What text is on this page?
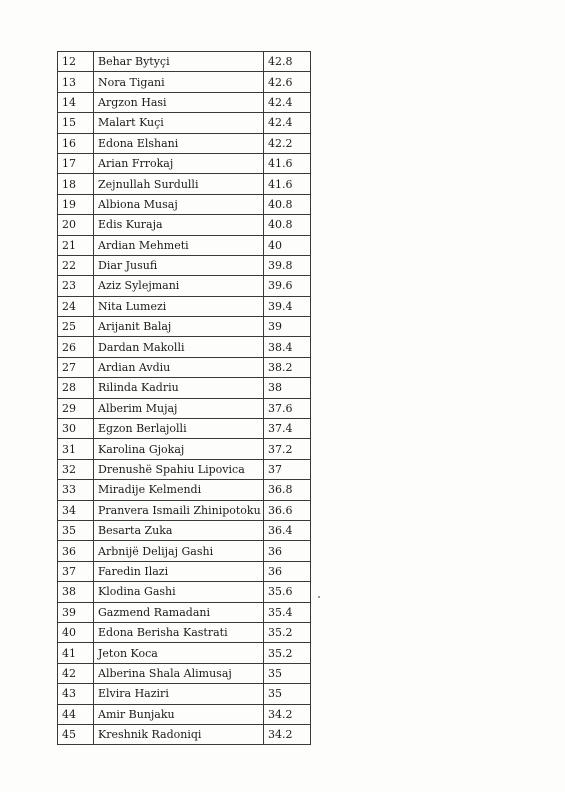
12	Behar Bytyçi	42.8
13	Nora Tigani	42.6
14	Argzon Hasi	42.4
15	Malart Kuçi	42.4
16	Edona Elshani	42.2
17	Arian Frrokaj	41.6
18	Zejnullah Surdulli	41.6
19	Albiona Musaj	40.8
20	Edis Kuraja	40.8
21	Ardian Mehmeti	40
22	Diar Jusufi	39.8
23	Aziz Sylejmani	39.6
24	Nita Lumezi	39.4
25	Arijanit Balaj	39
26	Dardan Makolli	38.4
27	Ardian Avdiu	38.2
28	Rilinda Kadriu	38
29	Alberim Mujaj	37.6
30	Egzon Berlajolli	37.4
31	Karolina Gjokaj	37.2
32	Drenushë Spahiu Lipovica	37
33	Miradije Kelmendi	36.8
34	Pranvera Ismaili Zhinipotoku	36.6
35	Besarta Zuka	36.4
36	Arbnijë Delijaj Gashi	36
37	Faredin Ilazi	36
38	Klodina Gashi	35.6
39	Gazmend Ramadani	35.4
40	Edona Berisha Kastrati	35.2
41	Jeton Koca	35.2
42	Alberina Shala Alimusaj	35
43	Elvira Haziri	35
44	Amir Bunjaku	34.2
45	Kreshnik Radoniqi	34.2
